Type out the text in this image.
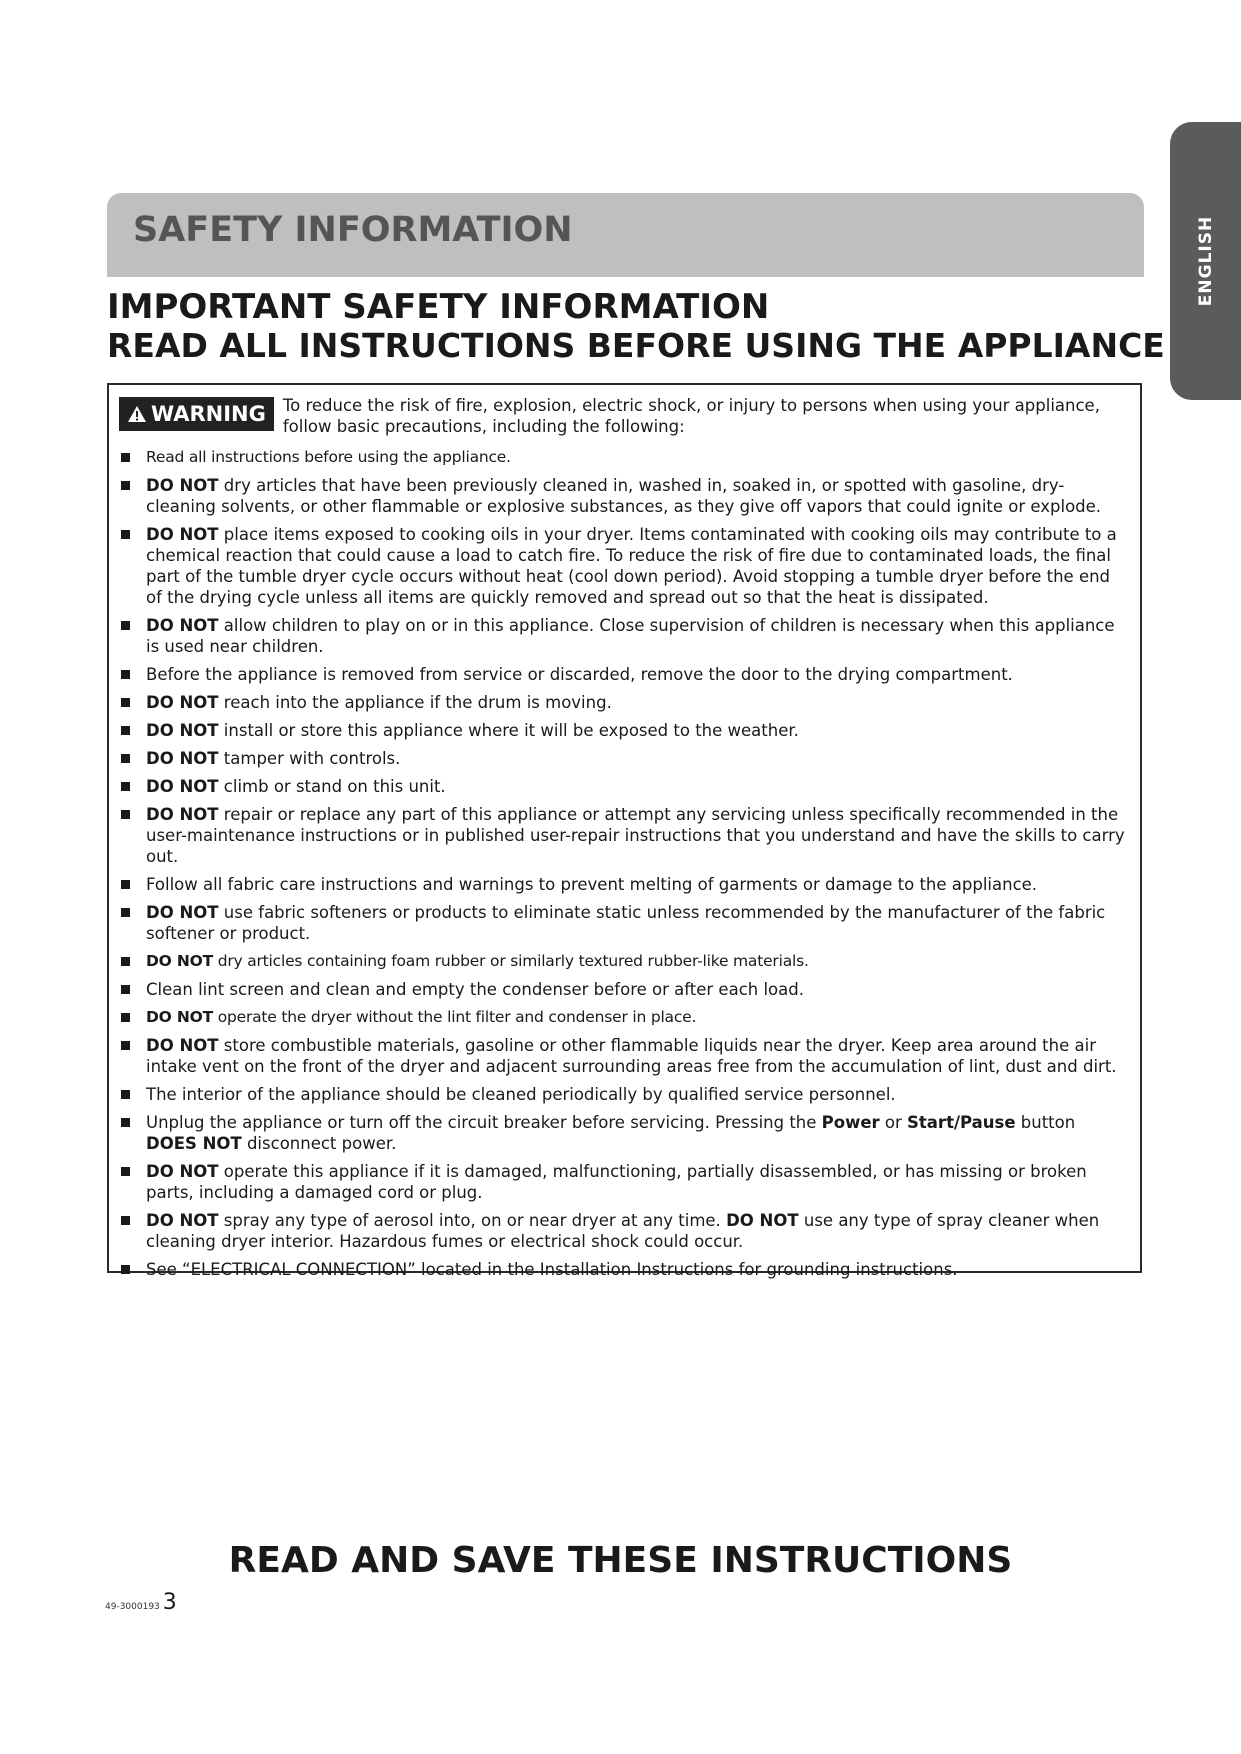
ENGLISH
SAFETY INFORMATION
IMPORTANT SAFETY INFORMATION
READ ALL INSTRUCTIONS BEFORE USING THE APPLIANCE
WARNING To reduce the risk of fire, explosion, electric shock, or injury to persons when using your appliance, follow basic precautions, including the following:
Read all instructions before using the appliance.
DO NOT dry articles that have been previously cleaned in, washed in, soaked in, or spotted with gasoline, dry-cleaning solvents, or other flammable or explosive substances, as they give off vapors that could ignite or explode.
DO NOT place items exposed to cooking oils in your dryer. Items contaminated with cooking oils may contribute to a chemical reaction that could cause a load to catch fire. To reduce the risk of fire due to contaminated loads, the final part of the tumble dryer cycle occurs without heat (cool down period). Avoid stopping a tumble dryer before the end of the drying cycle unless all items are quickly removed and spread out so that the heat is dissipated.
DO NOT allow children to play on or in this appliance. Close supervision of children is necessary when this appliance is used near children.
Before the appliance is removed from service or discarded, remove the door to the drying compartment.
DO NOT reach into the appliance if the drum is moving.
DO NOT install or store this appliance where it will be exposed to the weather.
DO NOT tamper with controls.
DO NOT climb or stand on this unit.
DO NOT repair or replace any part of this appliance or attempt any servicing unless specifically recommended in the user-maintenance instructions or in published user-repair instructions that you understand and have the skills to carry out.
Follow all fabric care instructions and warnings to prevent melting of garments or damage to the appliance.
DO NOT use fabric softeners or products to eliminate static unless recommended by the manufacturer of the fabric softener or product.
DO NOT dry articles containing foam rubber or similarly textured rubber-like materials.
Clean lint screen and clean and empty the condenser before or after each load.
DO NOT operate the dryer without the lint filter and condenser in place.
DO NOT store combustible materials, gasoline or other flammable liquids near the dryer. Keep area around the air intake vent on the front of the dryer and adjacent surrounding areas free from the accumulation of lint, dust and dirt.
The interior of the appliance should be cleaned periodically by qualified service personnel.
Unplug the appliance or turn off the circuit breaker before servicing. Pressing the Power or Start/Pause button DOES NOT disconnect power.
DO NOT operate this appliance if it is damaged, malfunctioning, partially disassembled, or has missing or broken parts, including a damaged cord or plug.
DO NOT spray any type of aerosol into, on or near dryer at any time. DO NOT use any type of spray cleaner when cleaning dryer interior. Hazardous fumes or electrical shock could occur.
See “ELECTRICAL CONNECTION” located in the Installation Instructions for grounding instructions.
READ AND SAVE THESE INSTRUCTIONS
49-3000193 3
